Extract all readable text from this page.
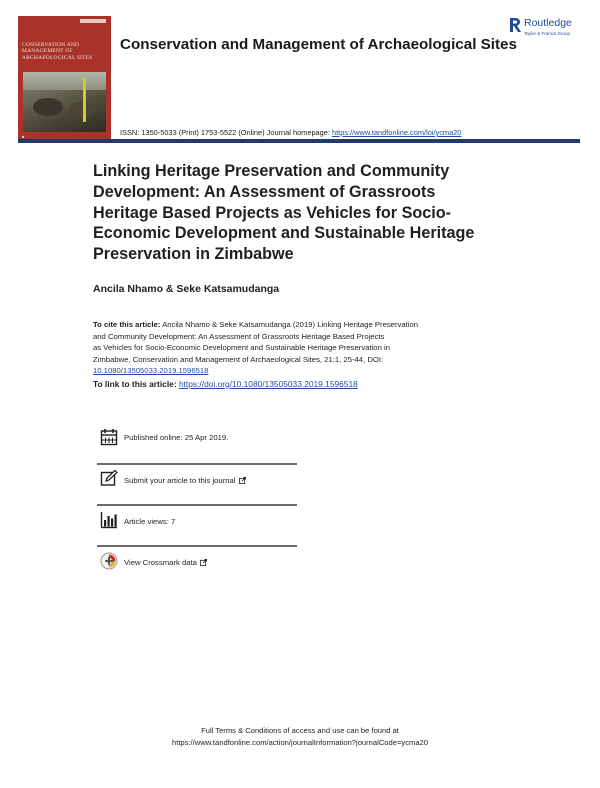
CONSERVATION AND
MANAGEMENT OF
ARCHAEOLOGICAL SITES
■
Conservation and Management of Archaeological Sites
Routledge
Taylor & Francis Group
ISSN: 1350-5033 (Print) 1753-5522 (Online) Journal homepage: https://www.tandfonline.com/loi/ycma20
Linking Heritage Preservation and Community
Development: An Assessment of Grassroots
Heritage Based Projects as Vehicles for Socio-
Economic Development and Sustainable Heritage
Preservation in Zimbabwe
Ancila Nhamo & Seke Katsamudanga
To cite this article: Ancila Nhamo & Seke Katsamudanga (2019) Linking Heritage Preservation
and Community Development: An Assessment of Grassroots Heritage Based Projects
as Vehicles for Socio-Economic Development and Sustainable Heritage Preservation in
Zimbabwe, Conservation and Management of Archaeological Sites, 21:1, 25-44, DOI:
10.1080/13505033.2019.1596518
To link to this article: https://doi.org/10.1080/13505033.2019.1596518
Published online: 25 Apr 2019.
Submit your article to this journal
Article views: 7
View Crossmark data
Full Terms & Conditions of access and use can be found at
https://www.tandfonline.com/action/journalInformation?journalCode=ycma20
